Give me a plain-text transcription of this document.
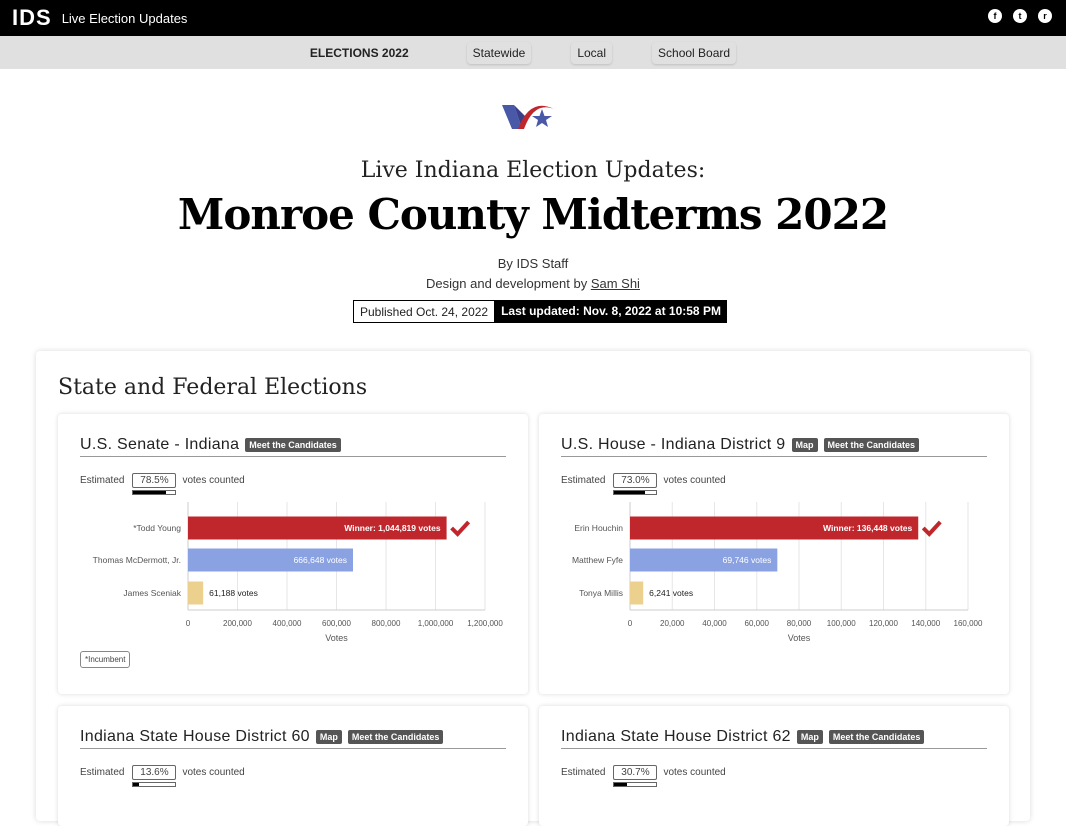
IDS Live Election Updates	f	t	r
ELECTIONS 2022	Statewide	Local	School Board
Live Indiana Election Updates:
Monroe County Midterms 2022
By IDS Staff
Design and development by Sam Shi
Published Oct. 24, 2022	Last updated: Nov. 8, 2022 at 10:58 PM
State and Federal Elections
U.S. Senate - Indiana	Meet the Candidates
Estimated	78.5%	votes counted
*Incumbent
0	200,000	400,000	600,000	800,000 1,000,000 1,200,000
Votes
*Todd Young	Winner: 1,044,819 votes
Thomas McDermott, Jr.	666,648 votes
James Sceniak	61,188 votes
U.S. House - Indiana District 9	Map	Meet the Candidates
Estimated	73.0%	votes counted
0	20,000 40,000 60,000 80,000 100,000 120,000 140,000 160,000
Votes
Erin Houchin	Winner: 136,448 votes
Matthew Fyfe	69,746 votes
Tonya Millis	6,241 votes
Indiana State House District 60	Map	Meet the Candidates
Estimated	13.6%	votes counted
Indiana State House District 62	Map	Meet the Candidates
Estimated	30.7%	votes counted
